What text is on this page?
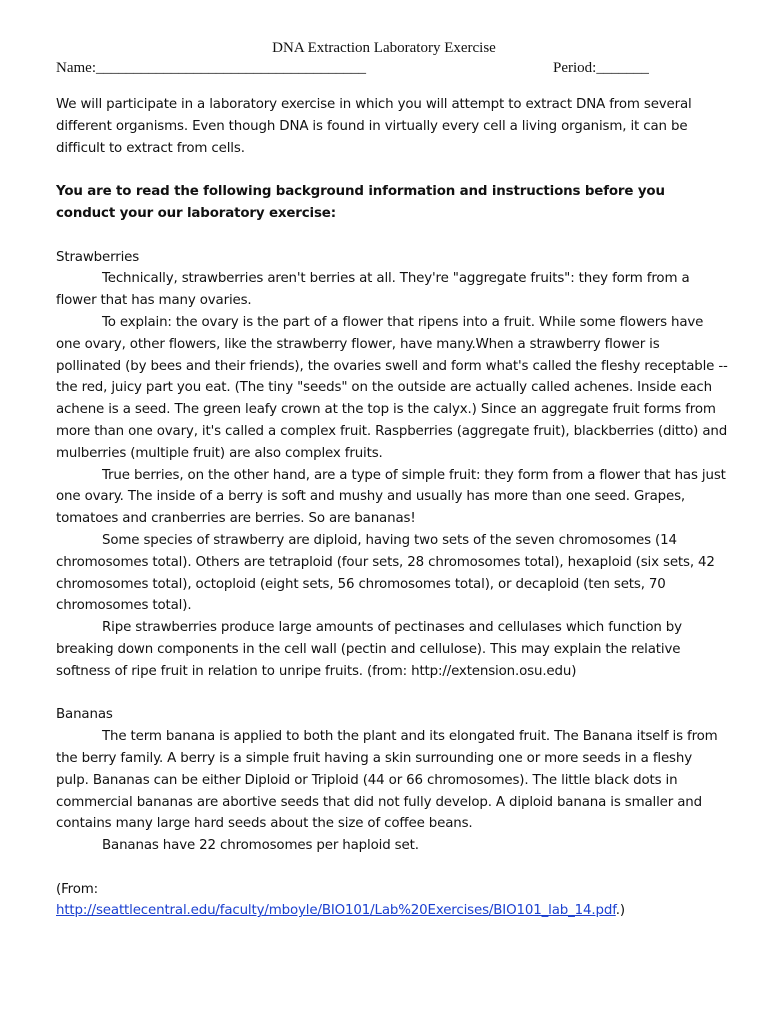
DNA Extraction Laboratory Exercise
Name:____________________________________	Period:_______

We will participate in a laboratory exercise in which you will attempt to extract DNA from several different organisms. Even though DNA is found in virtually every cell a living organism, it can be difficult to extract from cells.

You are to read the following background information and instructions before you conduct your our laboratory exercise:

Strawberries

Technically, strawberries aren't berries at all. They're "aggregate fruits": they form from a flower that has many ovaries.

To explain: the ovary is the part of a flower that ripens into a fruit. While some flowers have one ovary, other flowers, like the strawberry flower, have many.When a strawberry flower is pollinated (by bees and their friends), the ovaries swell and form what's called the fleshy receptable -- the red, juicy part you eat. (The tiny "seeds" on the outside are actually called achenes. Inside each achene is a seed. The green leafy crown at the top is the calyx.) Since an aggregate fruit forms from more than one ovary, it's called a complex fruit. Raspberries (aggregate fruit), blackberries (ditto) and mulberries (multiple fruit) are also complex fruits.

True berries, on the other hand, are a type of simple fruit: they form from a flower that has just one ovary. The inside of a berry is soft and mushy and usually has more than one seed. Grapes, tomatoes and cranberries are berries. So are bananas!

Some species of strawberry are diploid, having two sets of the seven chromosomes (14 chromosomes total). Others are tetraploid (four sets, 28 chromosomes total), hexaploid (six sets, 42 chromosomes total), octoploid (eight sets, 56 chromosomes total), or decaploid (ten sets, 70 chromosomes total).

Ripe strawberries produce large amounts of pectinases and cellulases which function by breaking down components in the cell wall (pectin and cellulose). This may explain the relative softness of ripe fruit in relation to unripe fruits. (from: http://extension.osu.edu)

Bananas

The term banana is applied to both the plant and its elongated fruit. The Banana itself is from the berry family. A berry is a simple fruit having a skin surrounding one or more seeds in a fleshy pulp. Bananas can be either Diploid or Triploid (44 or 66 chromosomes). The little black dots in commercial bananas are abortive seeds that did not fully develop. A diploid banana is smaller and contains many large hard seeds about the size of coffee beans.

Bananas have 22 chromosomes per haploid set.

(From:
http://seattlecentral.edu/faculty/mboyle/BIO101/Lab%20Exercises/BIO101_lab_14.pdf.)
